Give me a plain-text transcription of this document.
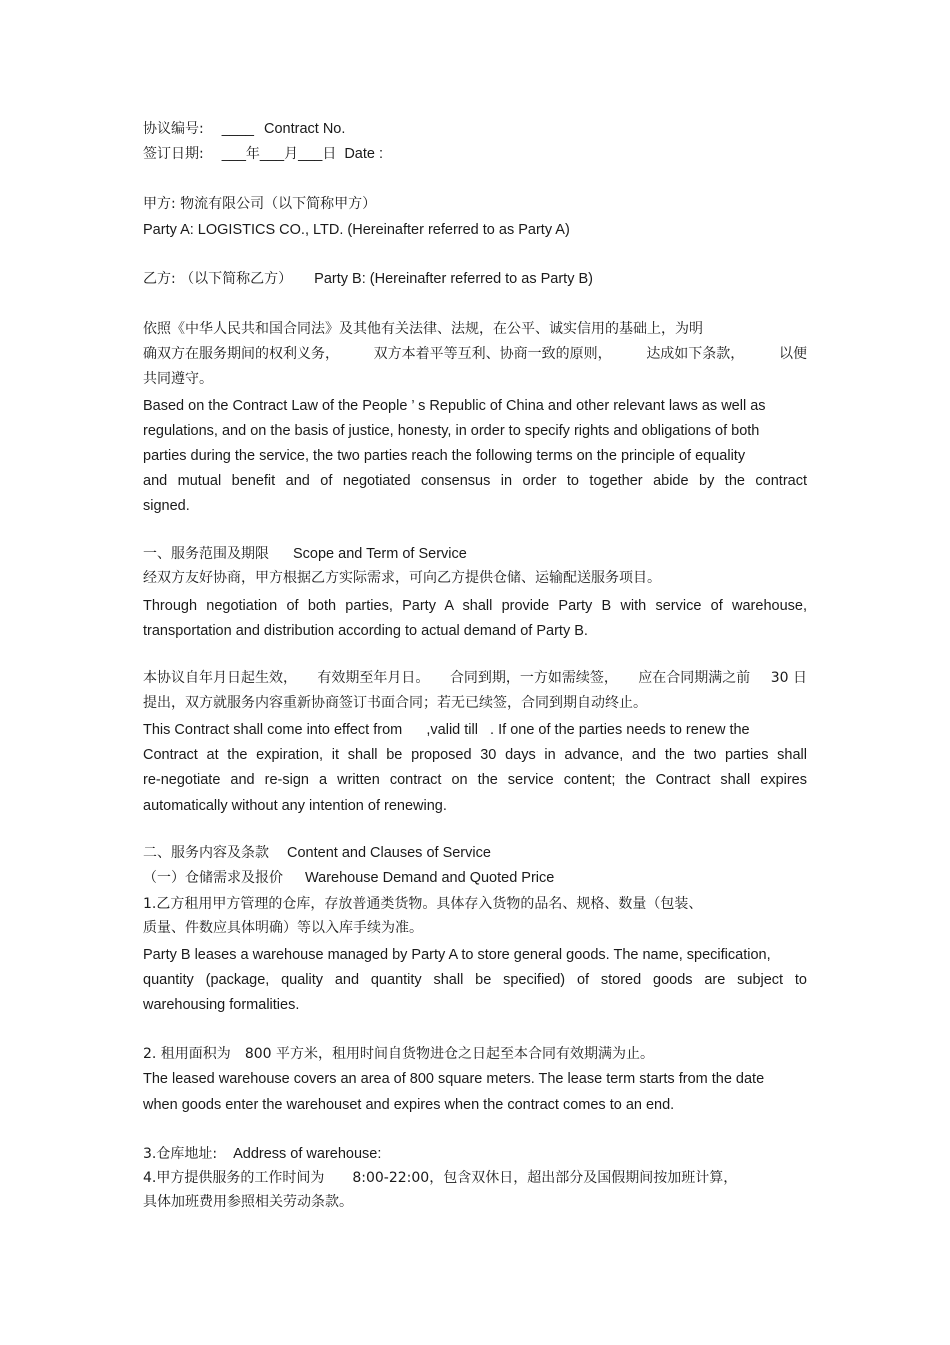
协议编号: ____ Contract No.
签订日期: ___年___月___日 Date :
甲方: 物流有限公司（以下简称甲方）
Party A: LOGISTICS CO., LTD. (Hereinafter referred to as Party A)
乙方: （以下简称乙方） Party B: (Hereinafter referred to as Party B)
依照《中华人民共和国合同法》及其他有关法律、法规，在公平、诚实信用的基础上，为明
确双方在服务期间的权利义务， 双方本着平等互利、协商一致的原则， 达成如下条款， 以便
共同遵守。
Based on the Contract Law of the People ’ s Republic of China and other relevant laws as well as
regulations, and on the basis of justice, honesty, in order to specify rights and obligations of both
parties during the service, the two parties reach the following terms on the principle of equality
and mutual benefit and of negotiated consensus in order to together abide by the contract
signed.
一、服务范围及期限 Scope and Term of Service
经双方友好协商，甲方根据乙方实际需求，可向乙方提供仓储、运输配送服务项目。
Through negotiation of both parties, Party A shall provide Party B with service of warehouse,
transportation and distribution according to actual demand of Party B.
本协议自年月日起生效， 有效期至年月日。 合同到期，一方如需续签， 应在合同期满之前 30 日
提出，双方就服务内容重新协商签订书面合同；若无已续签，合同到期自动终止。
This Contract shall come into effect from      ,valid till   . If one of the parties needs to renew the
Contract at the expiration, it shall be proposed 30 days in advance, and the two parties shall
re-negotiate and re-sign a written contract on the service content; the Contract shall expires
automatically without any intention of renewing.
二、服务内容及条款 Content and Clauses of Service
（一）仓储需求及报价 Warehouse Demand and Quoted Price
1.乙方租用甲方管理的仓库，存放普通类货物。具体存入货物的品名、规格、数量（包装、
质量、件数应具体明确）等以入库手续为准。
Party B leases a warehouse managed by Party A to store general goods. The name, specification,
quantity (package, quality and quantity shall be specified) of stored goods are subject to
warehousing formalities.
2. 租用面积为 800 平方米，租用时间自货物进仓之日起至本合同有效期满为止。
The leased warehouse covers an area of 800 square meters. The lease term starts from the date
when goods enter the warehouset and expires when the contract comes to an end.
3.仓库地址: Address of warehouse:
4.甲方提供服务的工作时间为 8:00-22:00，包含双休日，超出部分及国假期间按加班计算，
具体加班费用参照相关劳动条款。
